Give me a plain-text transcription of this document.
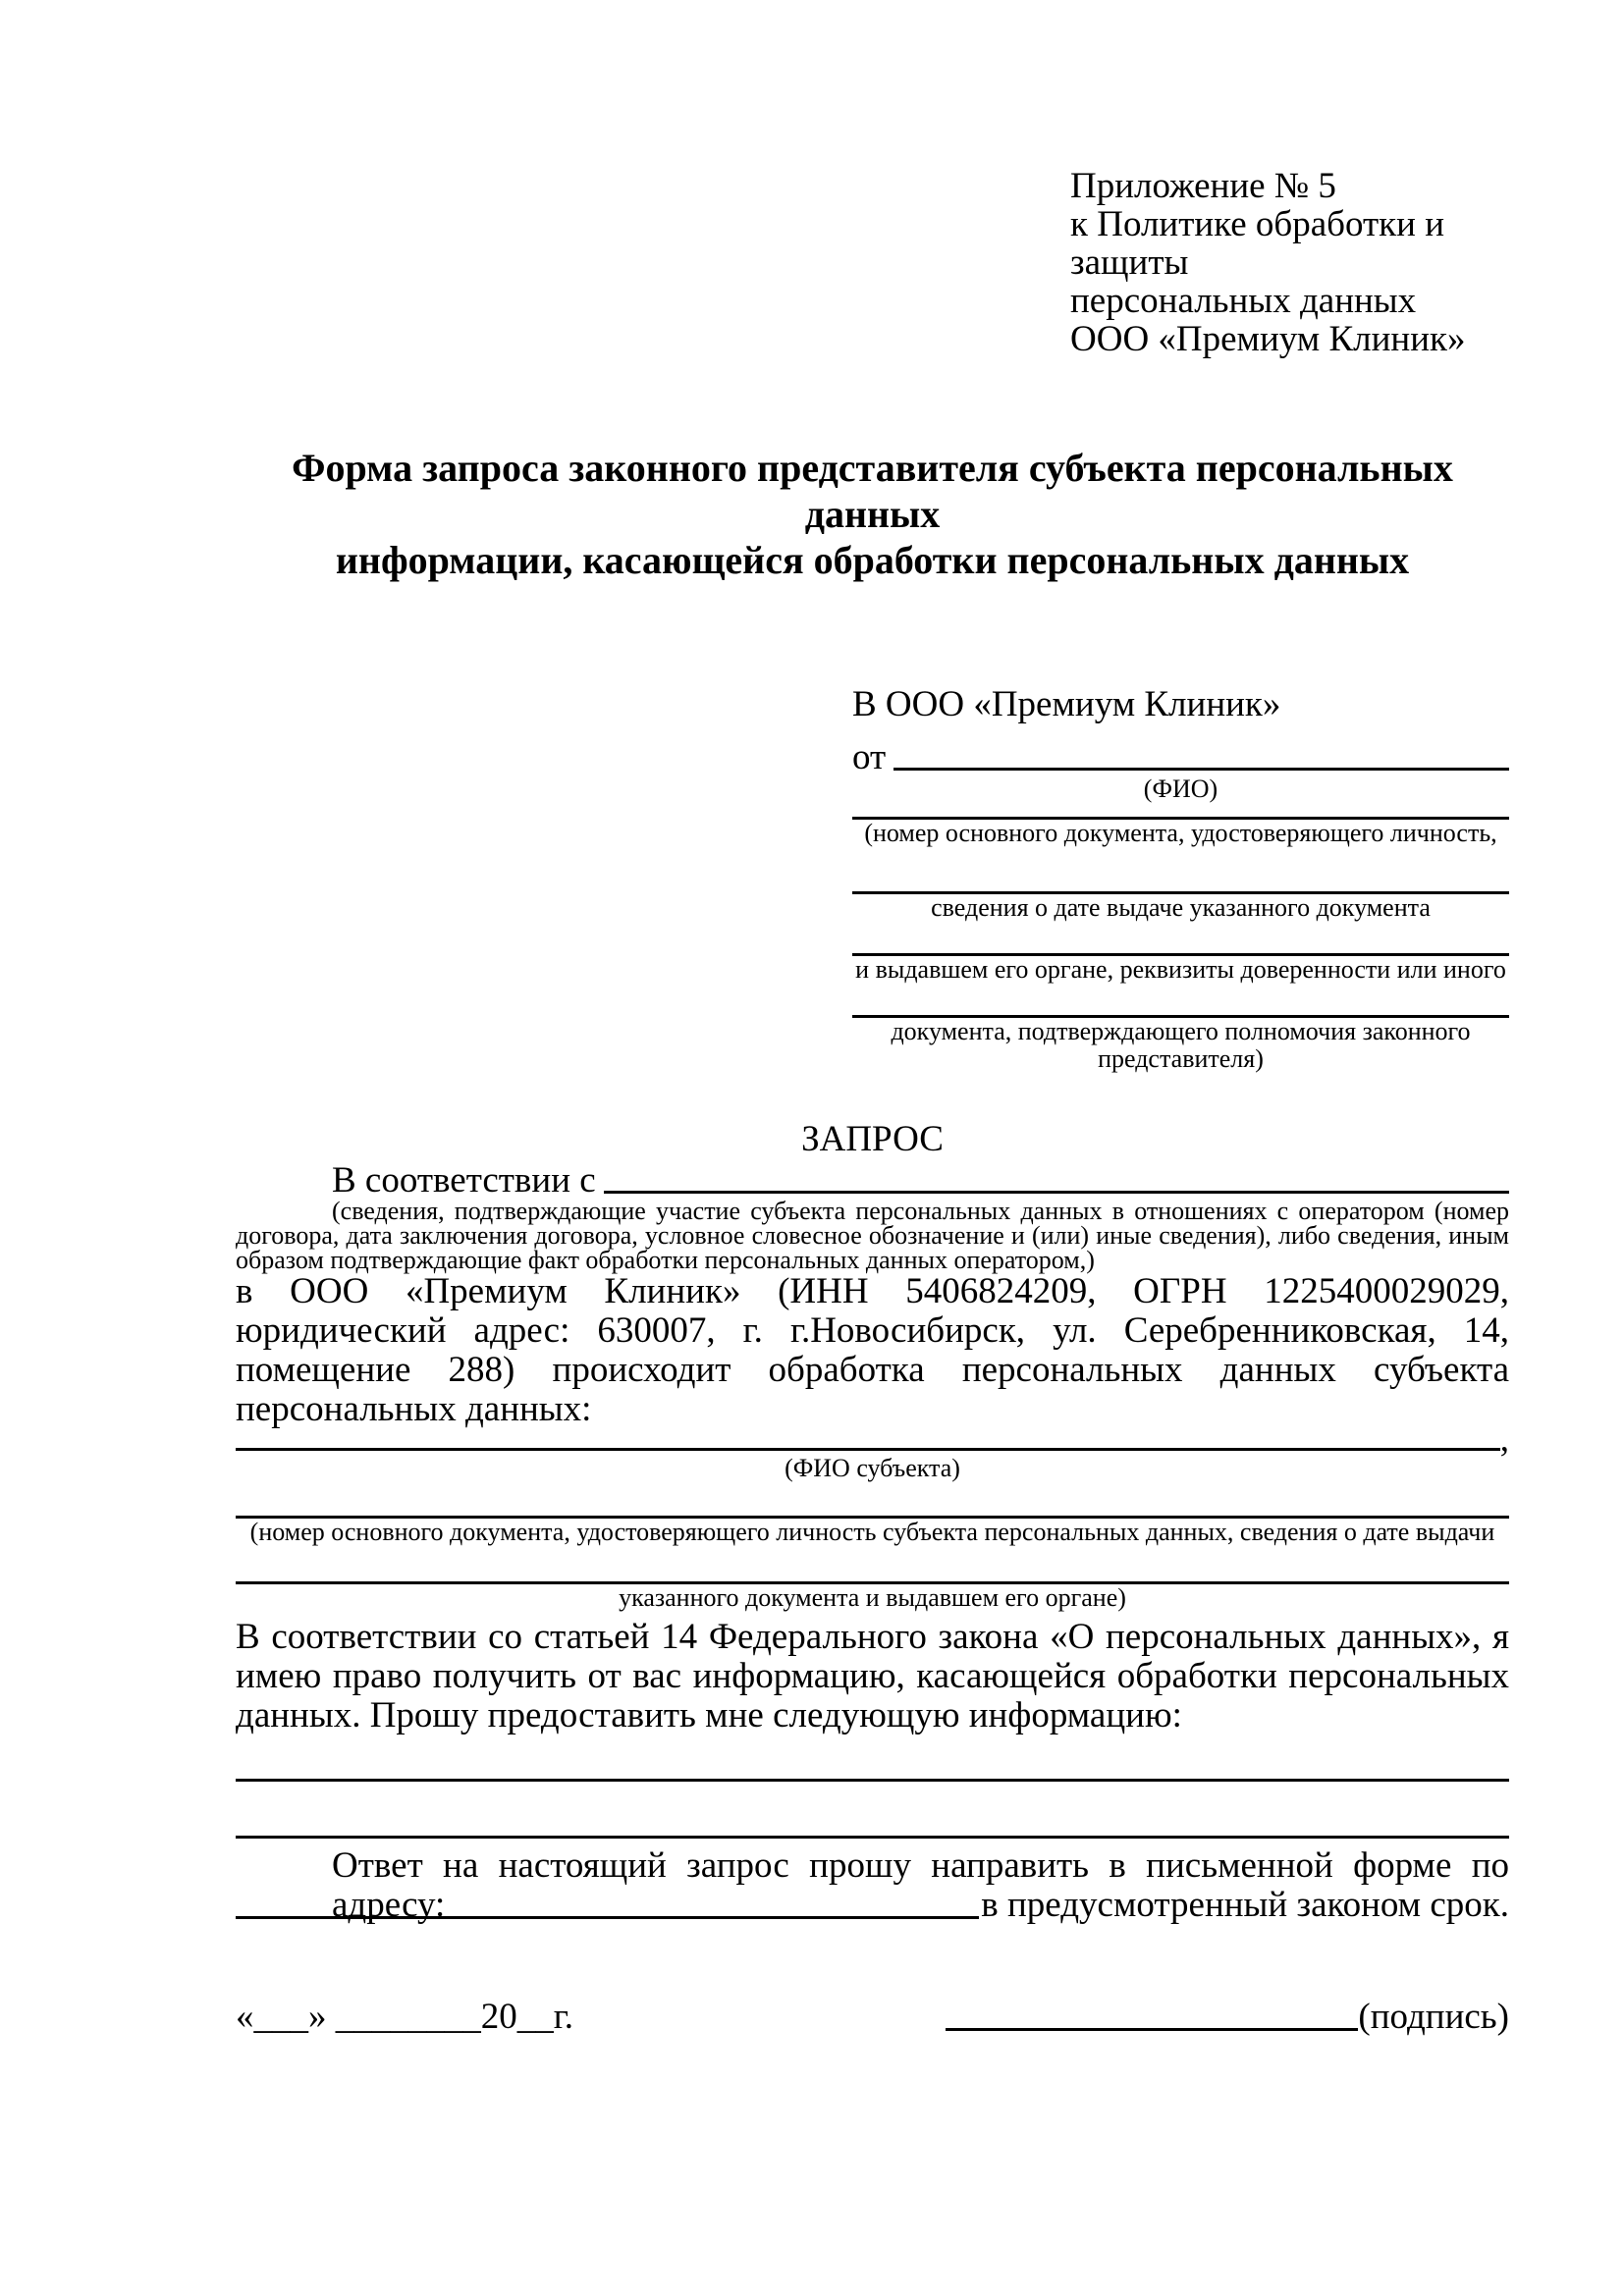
Приложение № 5
к Политике обработки и защиты
персональных данных
ООО «Премиум Клиник»
Форма запроса законного представителя субъекта персональных данных
информации, касающейся обработки персональных данных
В ООО «Премиум Клиник»
от
(ФИО)
(номер основного документа, удостоверяющего личность,
сведения о дате выдаче указанного документа
и выдавшем его органе, реквизиты доверенности или иного
документа, подтверждающего полномочия законного представителя)
ЗАПРОС
В соответствии с
(сведения, подтверждающие участие субъекта персональных данных в отношениях с оператором (номер договора, дата заключения договора, условное словесное обозначение и (или) иные сведения), либо сведения, иным образом подтверждающие факт обработки персональных данных оператором,)
в ООО «Премиум Клиник» (ИНН 5406824209, ОГРН 1225400029029, юридический адрес: 630007, г. г.Новосибирск, ул. Серебренниковская, 14, помещение 288) происходит обработка персональных данных субъекта персональных данных:
,
(ФИО субъекта)
(номер основного документа, удостоверяющего личность субъекта персональных данных, сведения о дате выдачи
указанного документа и выдавшем его органе)
В соответствии со статьей 14 Федерального закона «О персональных данных», я имею право получить от вас информацию, касающейся обработки персональных данных. Прошу предоставить мне следующую информацию:
Ответ на настоящий запрос прошу направить в письменной форме по адресу:	в предусмотренный законом срок.
«___» ________20__г.	(подпись)
